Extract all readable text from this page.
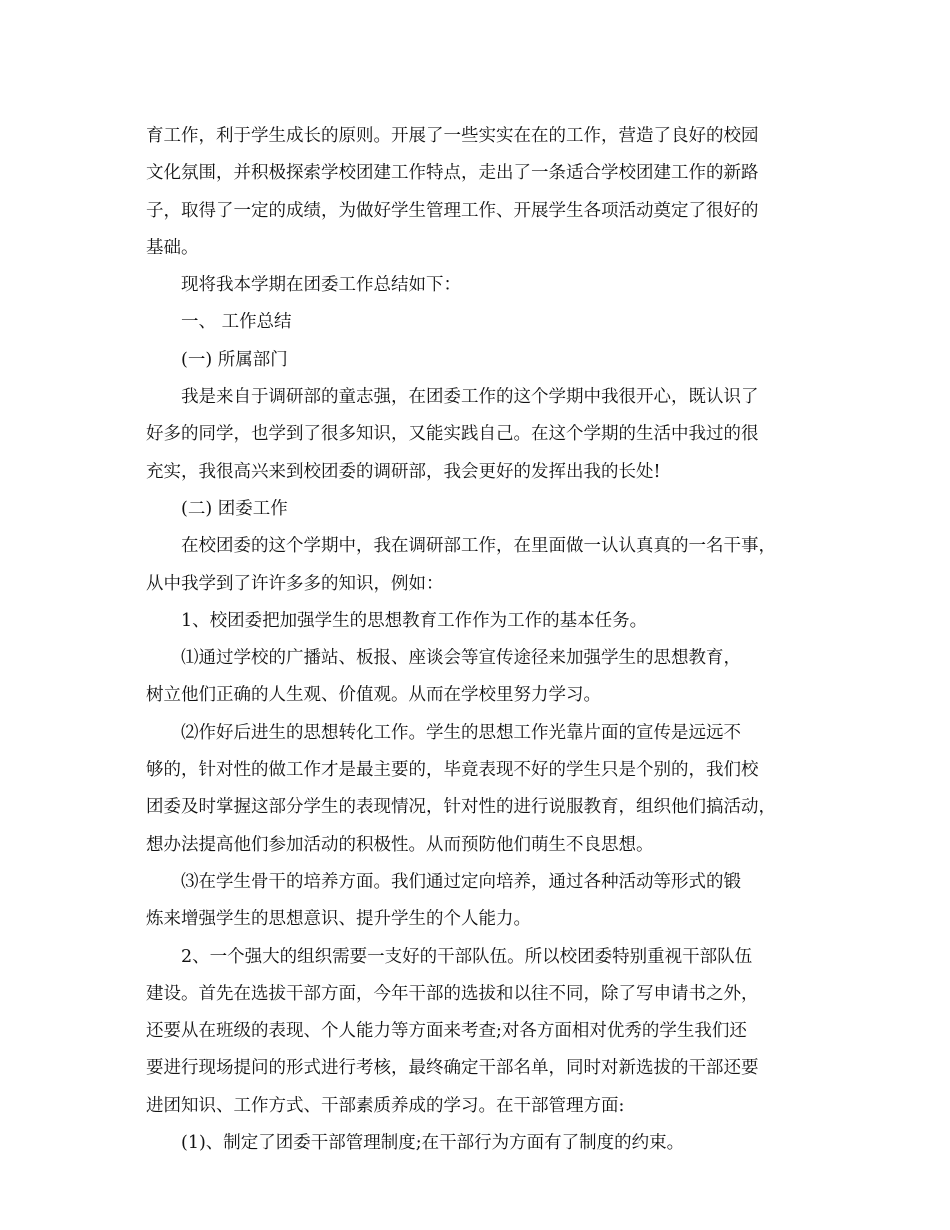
育工作，利于学生成长的原则。开展了一些实实在在的工作，营造了良好的校园
文化氛围，并积极探索学校团建工作特点，走出了一条适合学校团建工作的新路
子，取得了一定的成绩，为做好学生管理工作、开展学生各项活动奠定了很好的
基础。
现将我本学期在团委工作总结如下：
一、 工作总结
(一) 所属部门
我是来自于调研部的童志强，在团委工作的这个学期中我很开心，既认识了
好多的同学，也学到了很多知识，又能实践自己。在这个学期的生活中我过的很
充实，我很高兴来到校团委的调研部，我会更好的发挥出我的长处!
(二) 团委工作
在校团委的这个学期中，我在调研部工作，在里面做一认认真真的一名干事，
从中我学到了许许多多的知识，例如：
1、校团委把加强学生的思想教育工作作为工作的基本任务。
⑴通过学校的广播站、板报、座谈会等宣传途径来加强学生的思想教育，
树立他们正确的人生观、价值观。从而在学校里努力学习。
⑵作好后进生的思想转化工作。学生的思想工作光靠片面的宣传是远远不
够的，针对性的做工作才是最主要的，毕竟表现不好的学生只是个别的，我们校
团委及时掌握这部分学生的表现情况，针对性的进行说服教育，组织他们搞活动，
想办法提高他们参加活动的积极性。从而预防他们萌生不良思想。
⑶在学生骨干的培养方面。我们通过定向培养，通过各种活动等形式的锻
炼来增强学生的思想意识、提升学生的个人能力。
2、一个强大的组织需要一支好的干部队伍。所以校团委特别重视干部队伍
建设。首先在选拔干部方面，今年干部的选拔和以往不同，除了写申请书之外，
还要从在班级的表现、个人能力等方面来考查;对各方面相对优秀的学生我们还
要进行现场提问的形式进行考核，最终确定干部名单，同时对新选拔的干部还要
进团知识、工作方式、干部素质养成的学习。在干部管理方面:
(1)、制定了团委干部管理制度;在干部行为方面有了制度的约束。
